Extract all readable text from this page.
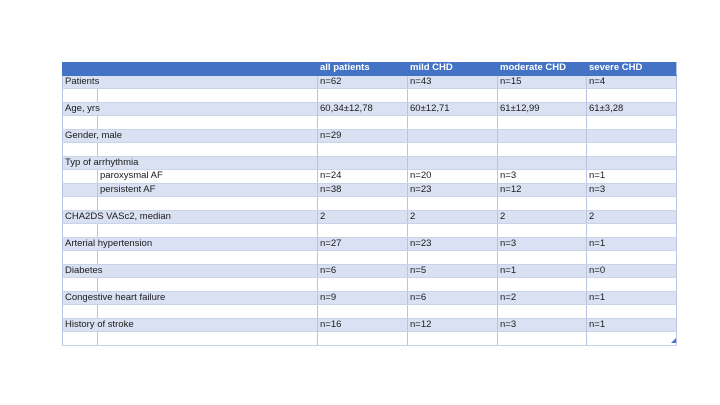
		all patients	mild CHD	moderate CHD	severe CHD
Patients		n=62	n=43	n=15	n=4

Age, yrs		60,34±12,78	60±12,71	61±12,99	61±3,28

Gender, male		n=29			

Typ of arrhythmia					
	paroxysmal AF	n=24	n=20	n=3	n=1
	persistent AF	n=38	n=23	n=12	n=3

CHA2DS VASc2, median		2	2	2	2

Arterial hypertension		n=27	n=23	n=3	n=1

Diabetes		n=6	n=5	n=1	n=0

Congestive heart failure		n=9	n=6	n=2	n=1

History of stroke		n=16	n=12	n=3	n=1
